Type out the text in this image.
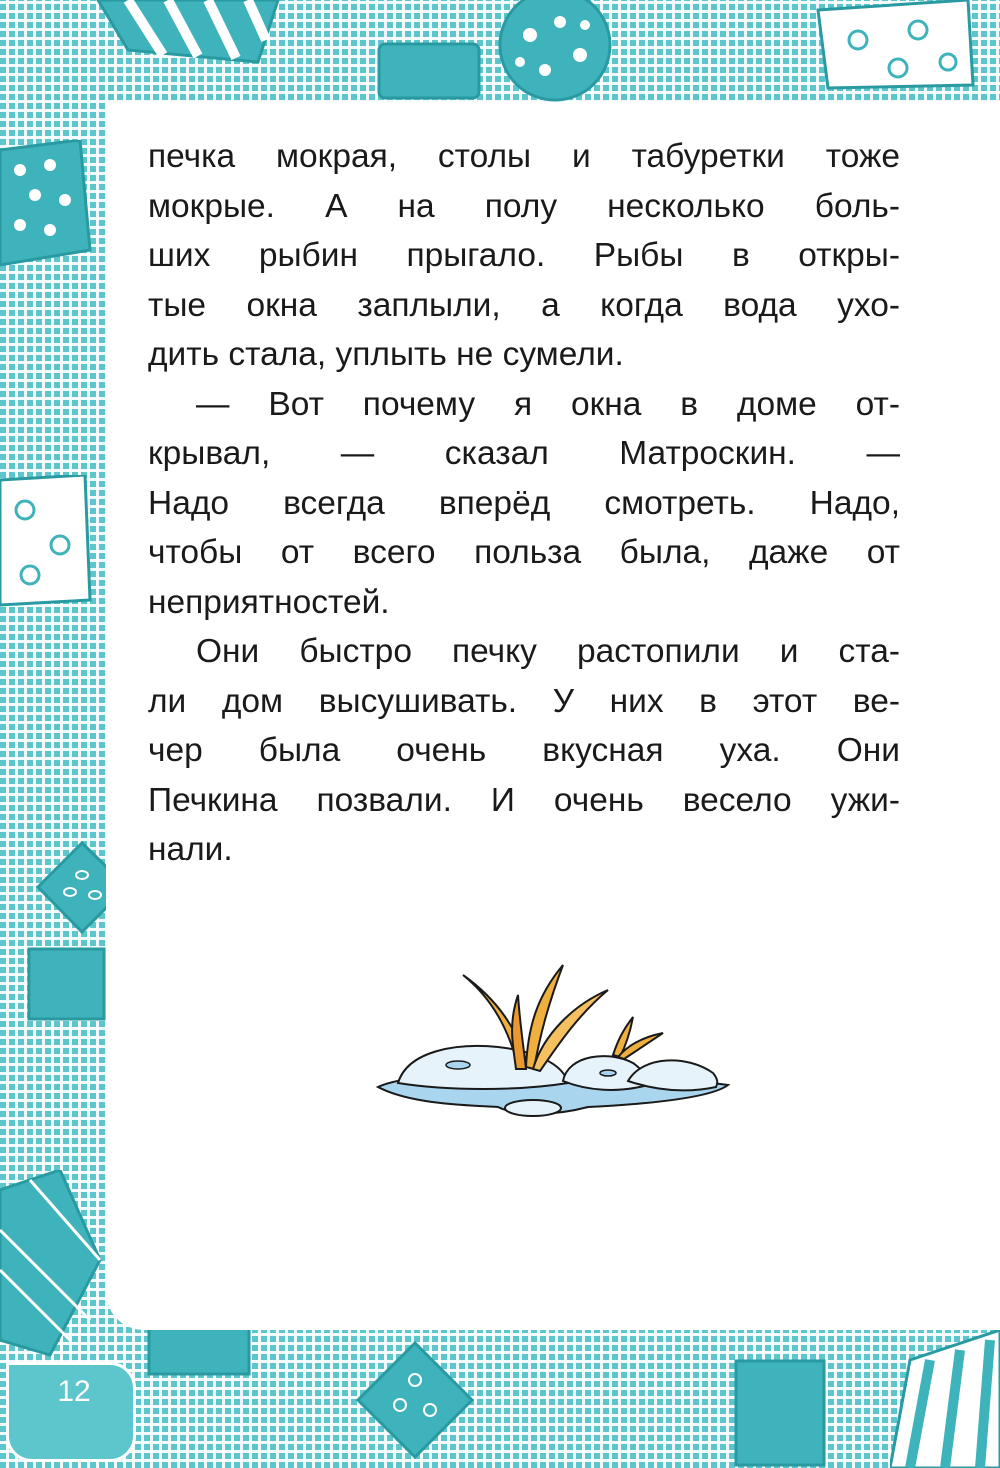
печка мокрая, столы и табуретки тоже
мокрые. А на полу несколько боль-
ших рыбин прыгало. Рыбы в откры-
тые окна заплыли, а когда вода ухо-
дить стала, уплыть не сумели.

— Вот почему я окна в доме от-
крывал, — сказал Матроскин. —
Надо всегда вперёд смотреть. Надо,
чтобы от всего польза была, даже от
неприятностей.

Они быстро печку растопили и ста-
ли дом высушивать. У них в этот ве-
чер была очень вкусная уха. Они
Печкина позвали. И очень весело ужи-
нали.

12
